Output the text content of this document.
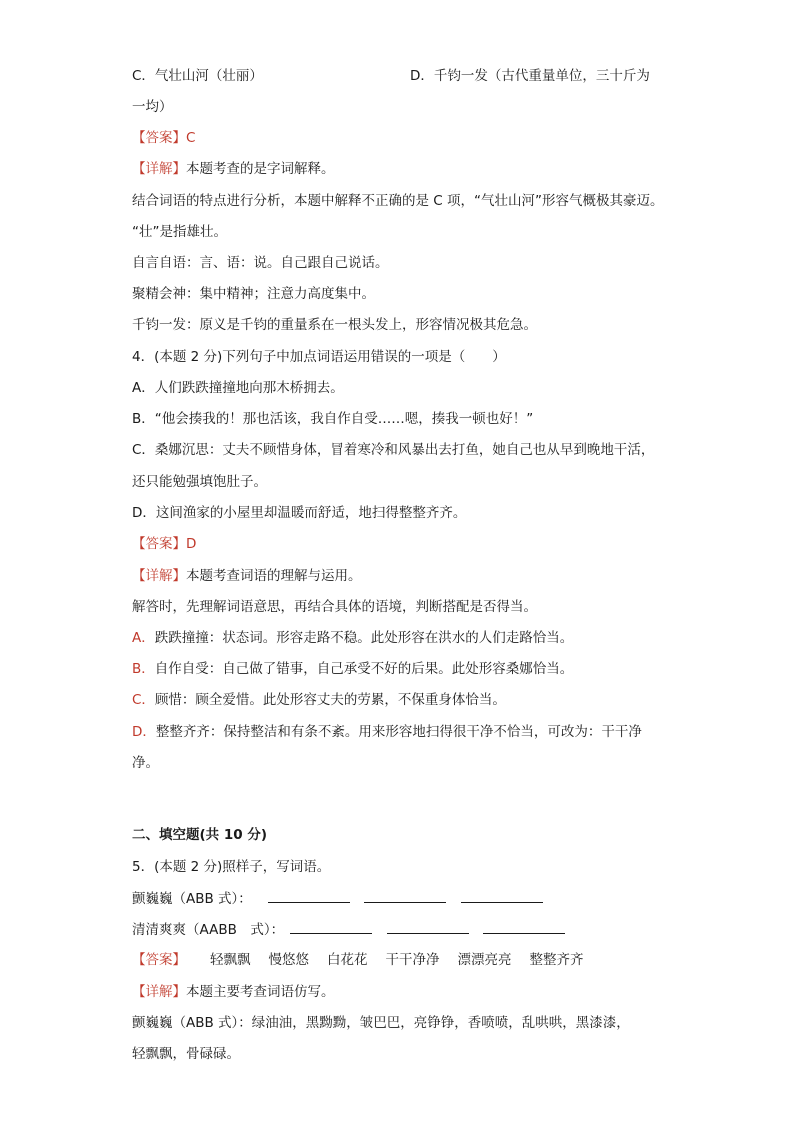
C．气壮山河（壮丽）	D．千钧一发（古代重量单位，三十斤为
一均）
【答案】C
【详解】本题考查的是字词解释。
结合词语的特点进行分析，本题中解释不正确的是 C 项，“气壮山河”形容气概极其豪迈。
“壮”是指雄壮。
自言自语：言、语：说。自己跟自己说话。
聚精会神：集中精神；注意力高度集中。
千钧一发：原义是千钧的重量系在一根头发上，形容情况极其危急。
4．(本题 2 分)下列句子中加点词语运用错误的一项是（　　）
A．人们跌跌撞撞地向那木桥拥去。
B．“他会揍我的！那也活该，我自作自受……嗯，揍我一顿也好！”
C．桑娜沉思：丈夫不顾惜身体，冒着寒冷和风暴出去打鱼，她自己也从早到晚地干活，
还只能勉强填饱肚子。
D．这间渔家的小屋里却温暖而舒适，地扫得整整齐齐。
【答案】D
【详解】本题考查词语的理解与运用。
解答时，先理解词语意思，再结合具体的语境，判断搭配是否得当。
A．跌跌撞撞：状态词。形容走路不稳。此处形容在洪水的人们走路恰当。
B．自作自受：自己做了错事，自己承受不好的后果。此处形容桑娜恰当。
C．顾惜：顾全爱惜。此处形容丈夫的劳累，不保重身体恰当。
D．整整齐齐：保持整洁和有条不紊。用来形容地扫得很干净不恰当，可改为：干干净
净。
二、填空题(共 10 分)
5．(本题 2 分)照样子，写词语。
颤巍巍（ABB 式）：
清清爽爽（AABB　式）：
【答案】 轻飘飘 慢悠悠 白花花 干干净净 漂漂亮亮 整整齐齐
【详解】本题主要考查词语仿写。
颤巍巍（ABB 式）：绿油油，黑黝黝，皱巴巴，亮铮铮，香喷喷，乱哄哄，黑漆漆，
轻飘飘，骨碌碌。
